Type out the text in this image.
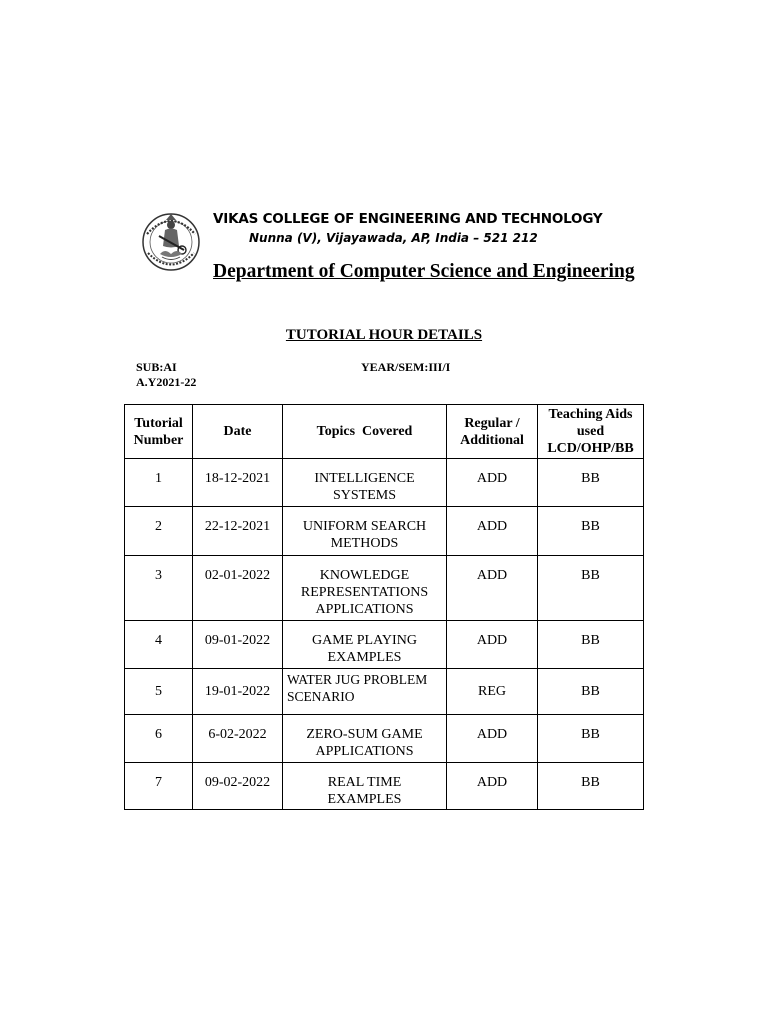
VIKAS COLLEGE OF ENGINEERING AND TECHNOLOGY
Nunna (V), Vijayawada, AP, India – 521 212
Department of Computer Science and Engineering
TUTORIAL HOUR DETAILS
SUB:AI
A.Y2021-22
YEAR/SEM:III/I
Tutorial
Number	Date	Topics  Covered	Regular /
Additional	Teaching Aids
used
LCD/OHP/BB
1	18-12-2021	INTELLIGENCE
SYSTEMS	ADD	BB
2	22-12-2021	UNIFORM SEARCH
METHODS	ADD	BB
3	02-01-2022	KNOWLEDGE
REPRESENTATIONS
APPLICATIONS	ADD	BB
4	09-01-2022	GAME PLAYING
EXAMPLES	ADD	BB
5	19-01-2022	WATER JUG PROBLEM
SCENARIO	REG	BB
6	6-02-2022	ZERO-SUM GAME
APPLICATIONS	ADD	BB
7	09-02-2022	REAL TIME
EXAMPLES	ADD	BB
